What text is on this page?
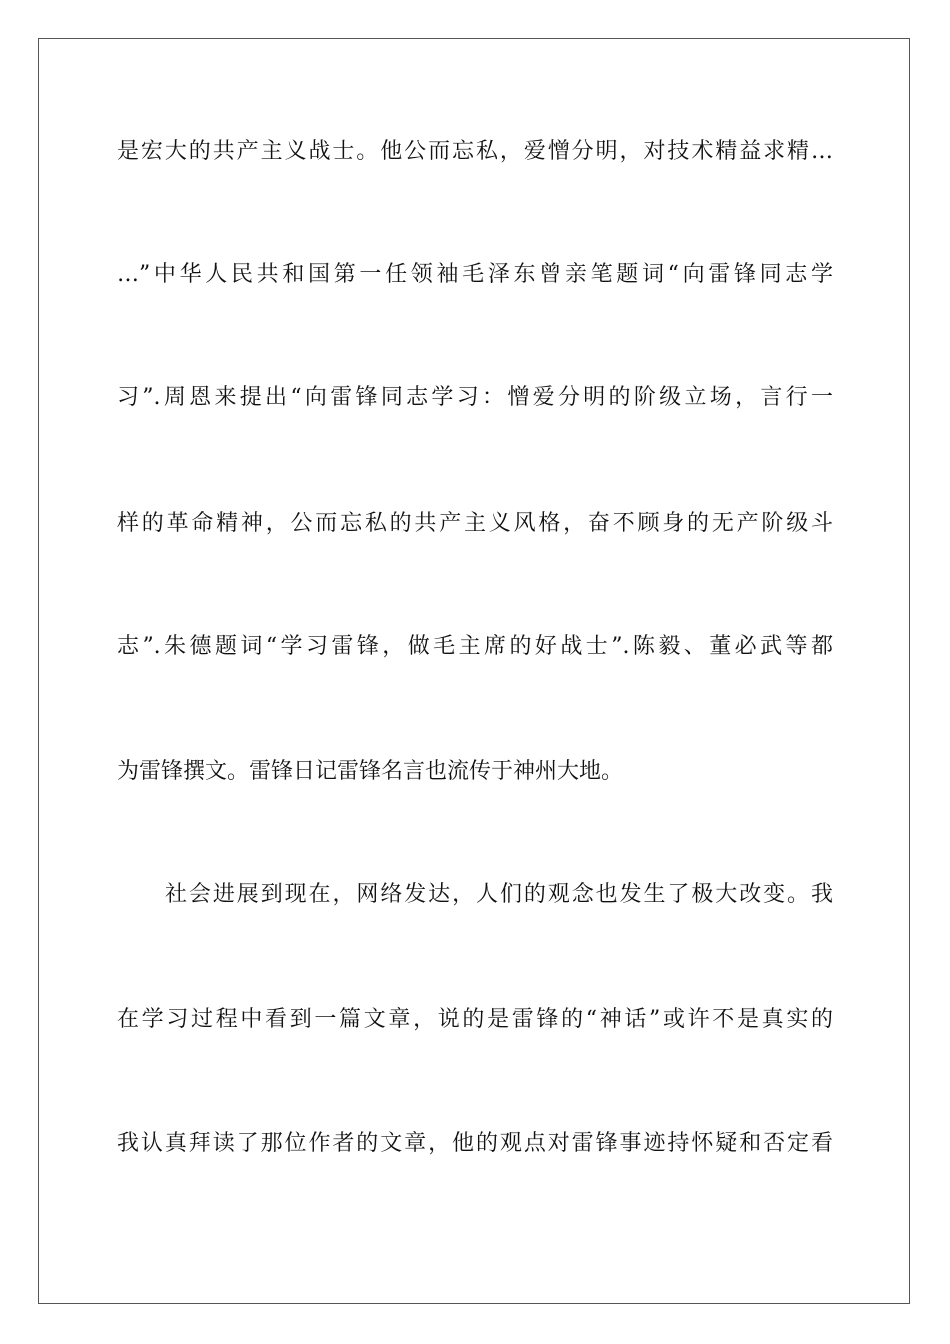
是宏大的共产主义战士。他公而忘私，爱憎分明，对技术精益求精…
…”中华人民共和国第一任领袖毛泽东曾亲笔题词“向雷锋同志学
习”.周恩来提出“向雷锋同志学习：憎爱分明的阶级立场，言行一
样的革命精神，公而忘私的共产主义风格，奋不顾身的无产阶级斗
志”.朱德题词“学习雷锋，做毛主席的好战士”.陈毅、董必武等都
为雷锋撰文。雷锋日记雷锋名言也流传于神州大地。
社会进展到现在，网络发达，人们的观念也发生了极大改变。我
在学习过程中看到一篇文章，说的是雷锋的“神话”或许不是真实的
我认真拜读了那位作者的文章，他的观点对雷锋事迹持怀疑和否定看
